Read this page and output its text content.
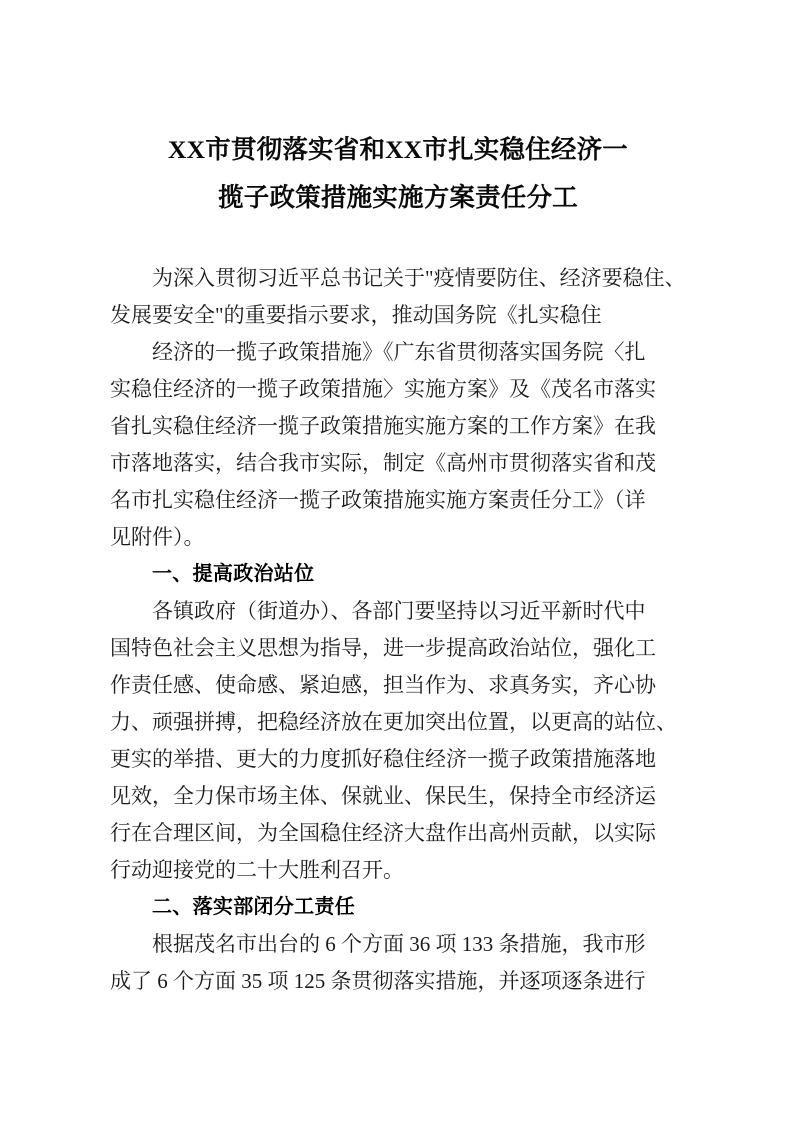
XX市贯彻落实省和XX市扎实稳住经济一
揽子政策措施实施方案责任分工

为深入贯彻习近平总书记关于"疫情要防住、经济要稳住、
发展要安全"的重要指示要求，推动国务院《扎实稳住
经济的一揽子政策措施》《广东省贯彻落实国务院〈扎
实稳住经济的一揽子政策措施〉实施方案》及《茂名市落实
省扎实稳住经济一揽子政策措施实施方案的工作方案》在我
市落地落实，结合我市实际，制定《高州市贯彻落实省和茂
名市扎实稳住经济一揽子政策措施实施方案责任分工》（详
见附件）。

一、提高政治站位

各镇政府（街道办）、各部门要坚持以习近平新时代中
国特色社会主义思想为指导，进一步提高政治站位，强化工
作责任感、使命感、紧迫感，担当作为、求真务实，齐心协
力、顽强拼搏，把稳经济放在更加突出位置，以更高的站位、
更实的举措、更大的力度抓好稳住经济一揽子政策措施落地
见效，全力保市场主体、保就业、保民生，保持全市经济运
行在合理区间，为全国稳住经济大盘作出高州贡献，以实际
行动迎接党的二十大胜利召开。

二、落实部闭分工责任

根据茂名市出台的 6 个方面 36 项 133 条措施，我市形
成了 6 个方面 35 项 125 条贯彻落实措施，并逐项逐条进行
